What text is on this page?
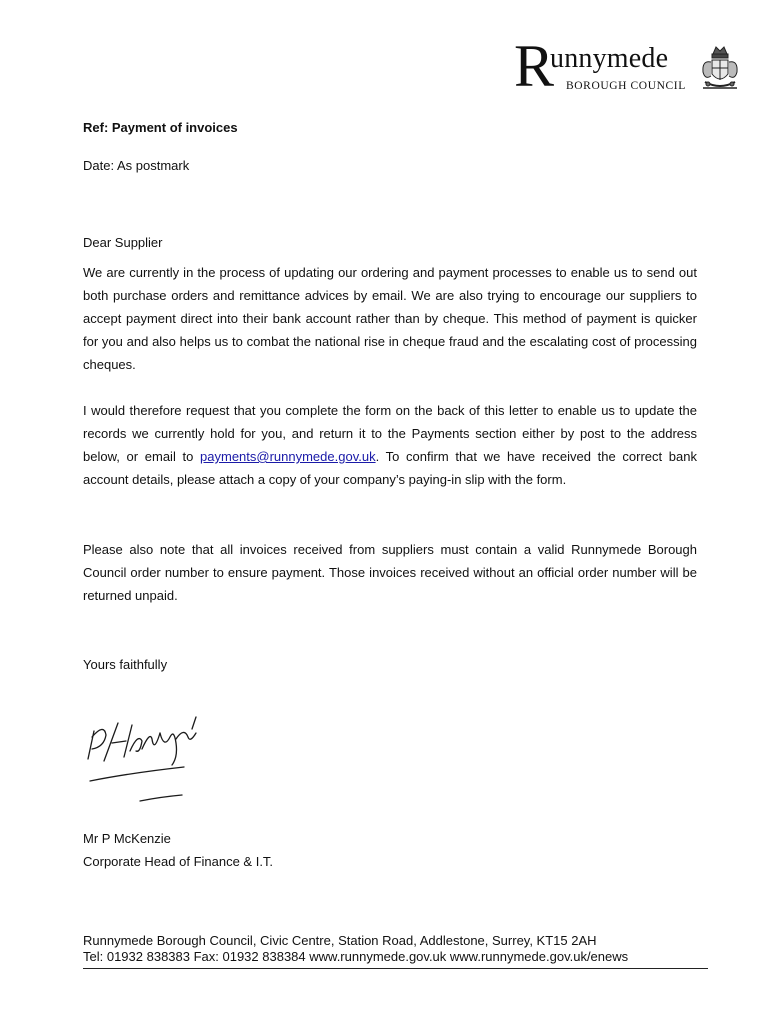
R
unnymede
BOROUGH COUNCIL
Ref: Payment of invoices
Date: As postmark
Dear Supplier
We are currently in the process of updating our ordering and payment processes to enable us to send out both purchase orders and remittance advices by email. We are also trying to encourage our suppliers to accept payment direct into their bank account rather than by cheque. This method of payment is quicker for you and also helps us to combat the national rise in cheque fraud and the escalating cost of processing cheques.
I would therefore request that you complete the form on the back of this letter to enable us to update the records we currently hold for you, and return it to the Payments section either by post to the address below, or email to payments@runnymede.gov.uk. To confirm that we have received the correct bank account details, please attach a copy of your company’s paying-in slip with the form.
Please also note that all invoices received from suppliers must contain a valid Runnymede Borough Council order number to ensure payment. Those invoices received without an official order number will be returned unpaid.
Yours faithfully
Mr P McKenzie
Corporate Head of Finance & I.T.
Runnymede Borough Council, Civic Centre, Station Road, Addlestone, Surrey, KT15 2AH
Tel: 01932 838383 Fax: 01932 838384 www.runnymede.gov.uk www.runnymede.gov.uk/enews
